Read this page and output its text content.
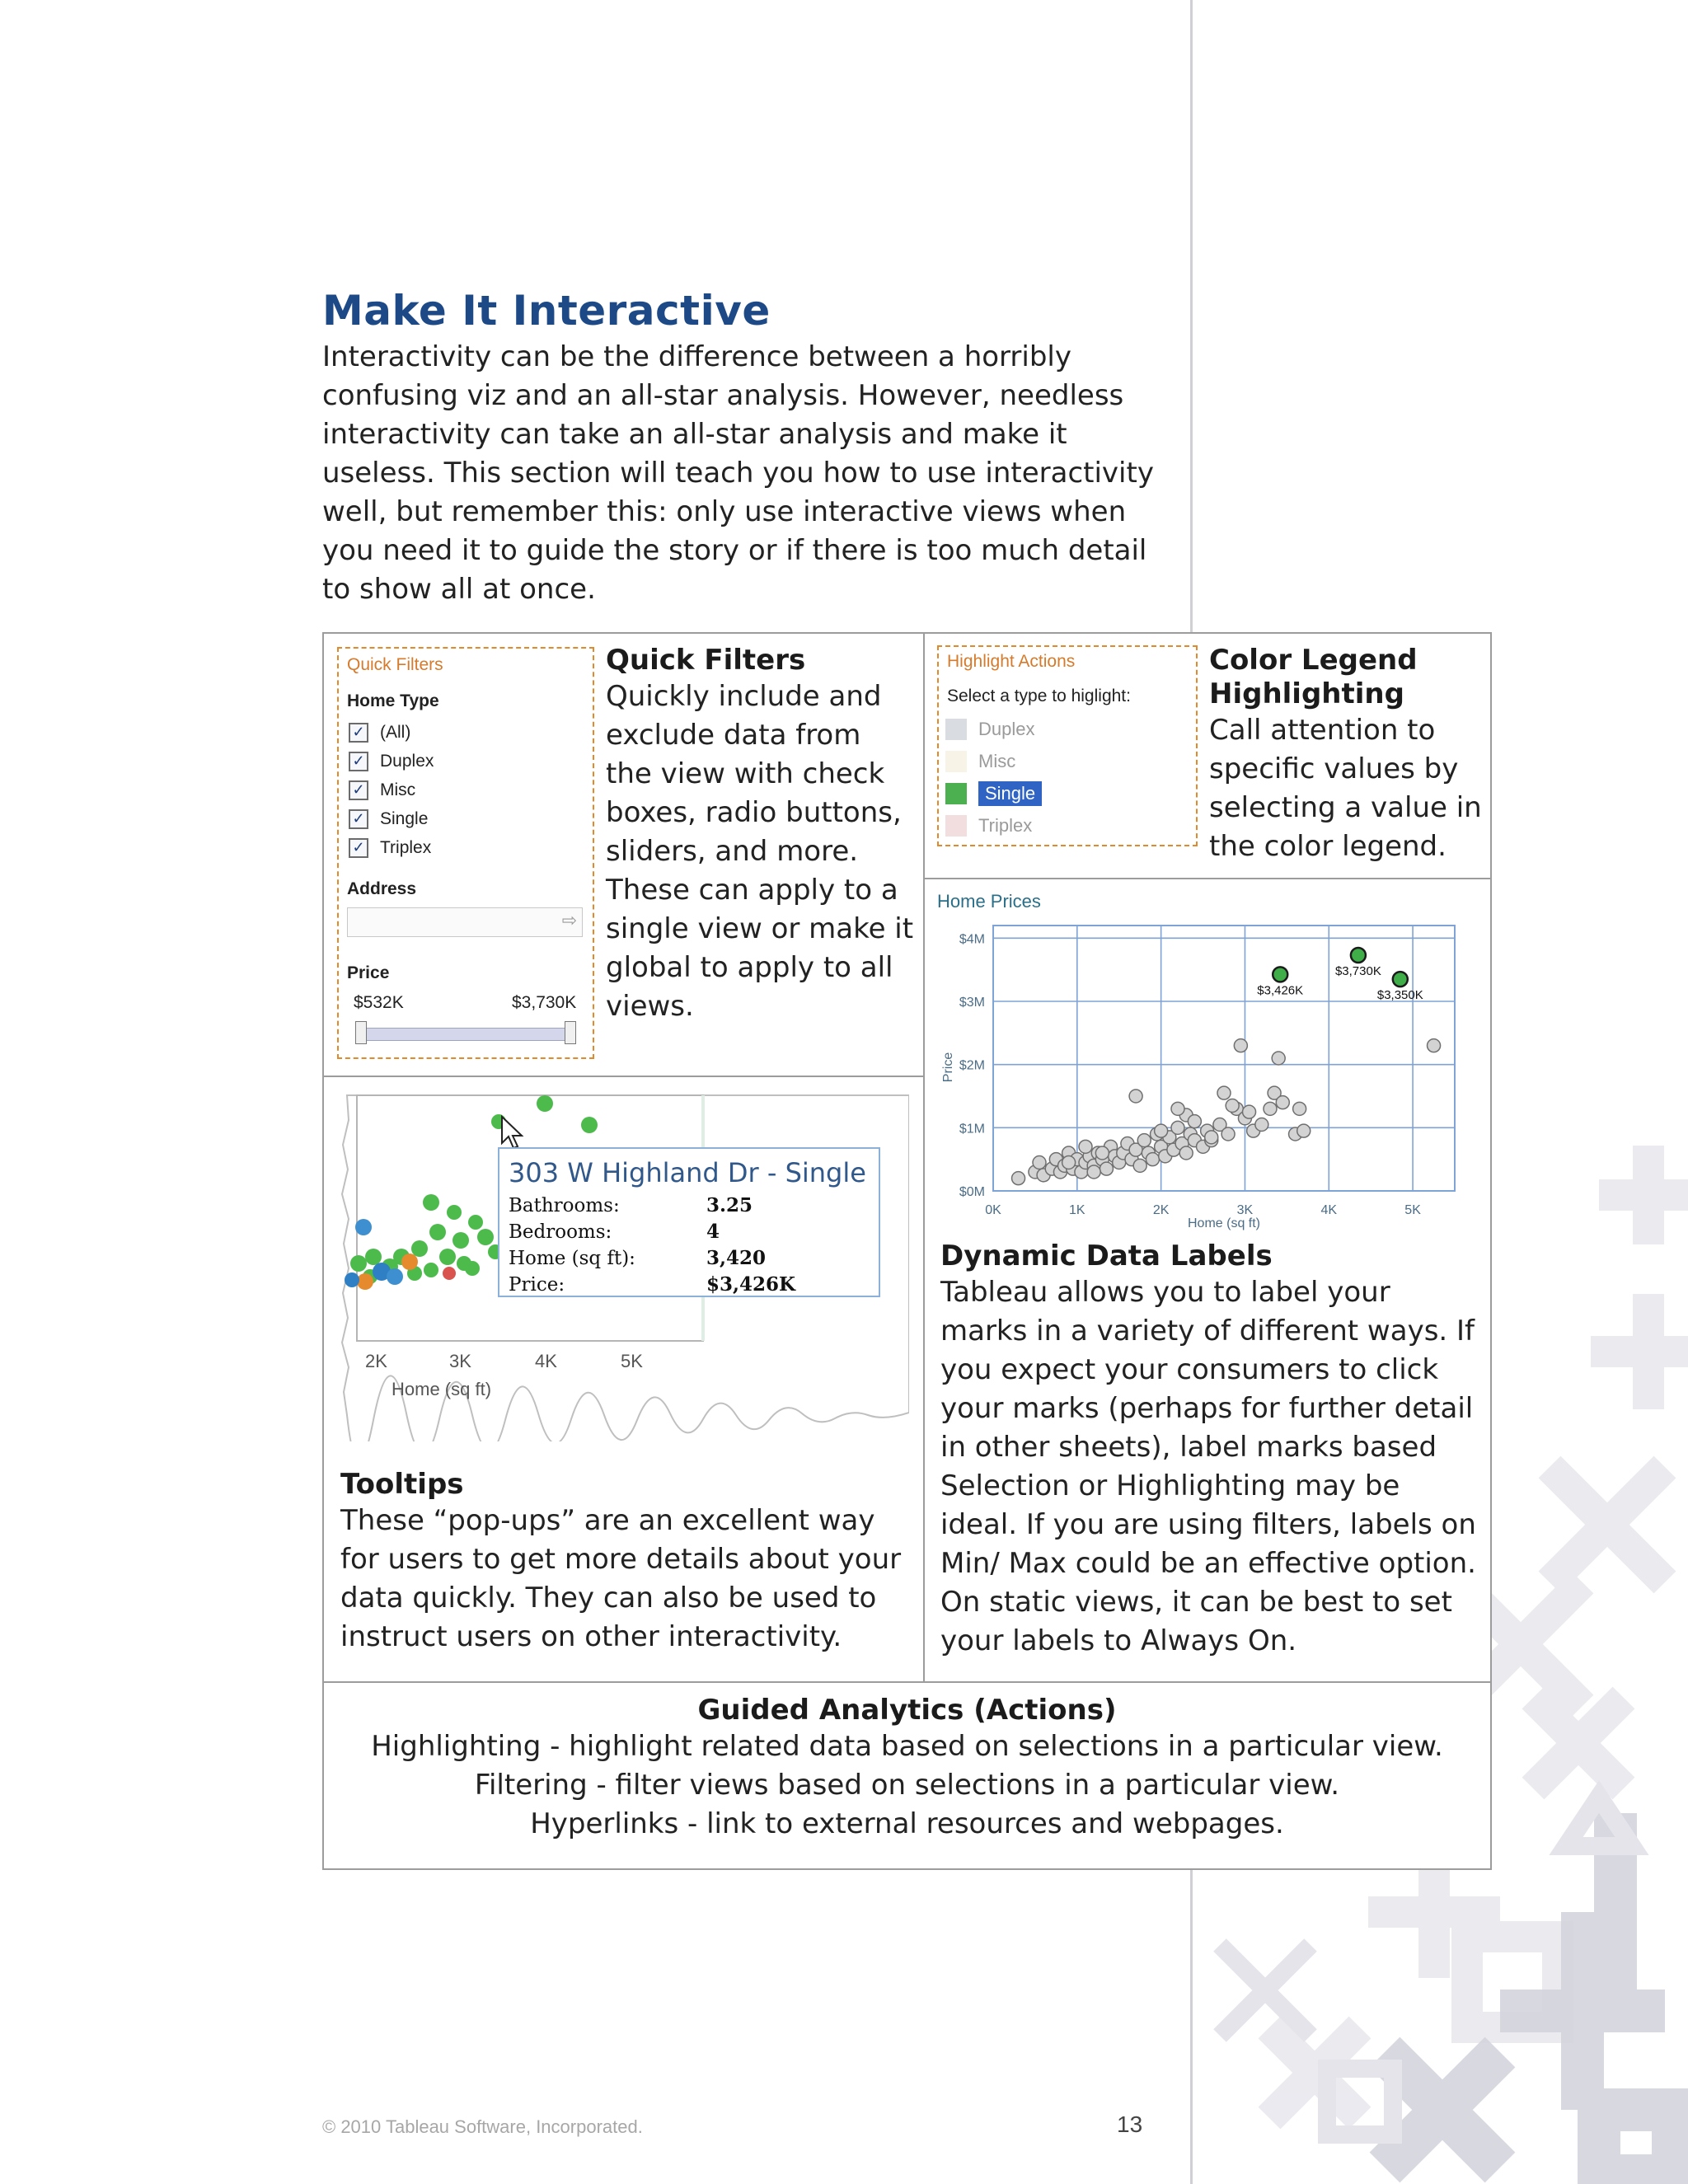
Make It Interactive

Interactivity can be the difference between a horribly confusing viz and an all-star analysis. However, needless interactivity can take an all-star analysis and make it useless. This section will teach you how to use interactivity well, but remember this: only use interactive views when you need it to guide the story or if there is too much detail to show all at once.

Quick Filters
Home Type
✓ (All)
✓ Duplex
✓ Misc
✓ Single
✓ Triplex
Address
⇨
Price
$532K	$3,730K
Quick Filters
Quickly include and exclude data from the view with check boxes, radio buttons, sliders, and more. These can apply to a single view or make it global to apply to all views.
Highlight Actions
Select a type to higlight:
Duplex
Misc
Single
Triplex
Color Legend Highlighting
Call attention to specific values by selecting a value in the color legend.
Home Prices
$0M
$1M
$2M
$3M
$4M
0K	1K	2K	3K	4K	5K
$3,426K
$3,730K
$3,350K
Home (sq ft)
Price
2K	3K	4K	5K
Home (sq ft)
303 W Highland Dr - Single
Bathrooms:	3.25
Bedrooms:	4
Home (sq ft):	3,420
Price:	$3,426K
Tooltips
These “pop-ups” are an excellent way for users to get more details about your data quickly. They can also be used to instruct users on other interactivity.
Dynamic Data Labels
Tableau allows you to label your marks in a variety of different ways. If you expect your consumers to click your marks (perhaps for further detail in other sheets), label marks based Selection or Highlighting may be ideal. If you are using filters, labels on Min/ Max could be an effective option. On static views, it can be best to set your labels to Always On.
Guided Analytics (Actions)
Highlighting - highlight related data based on selections in a particular view.
Filtering - filter views based on selections in a particular view.
Hyperlinks - link to external resources and webpages.
© 2010 Tableau Software, Incorporated.	13
